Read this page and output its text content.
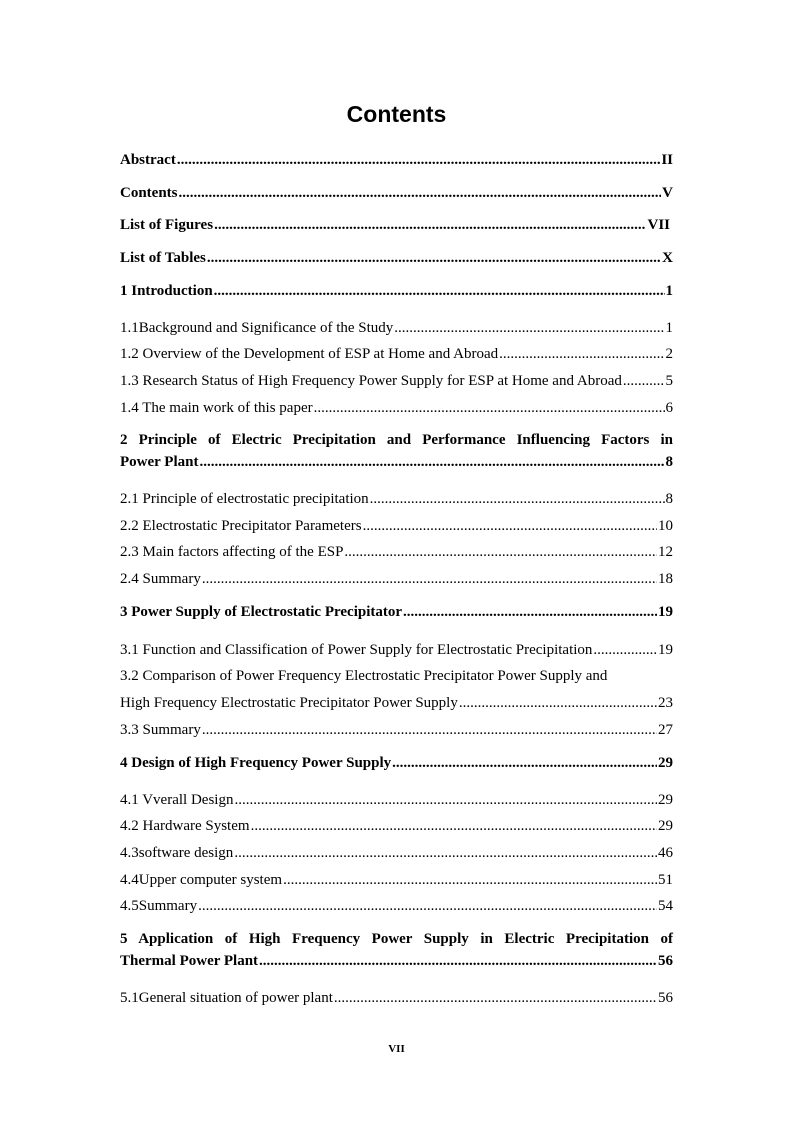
Contents
Abstract .....	II
Contents .....	V
List of Figures .....	VII
List of Tables .....	X
1 Introduction .....	1
1.1Background and Significance of the Study .....	1
1.2 Overview of the Development of ESP at Home and Abroad .....	2
1.3 Research Status of High Frequency Power Supply for ESP at Home and Abroad .....	5
1.4 The main work of this paper .....	6
2 Principle of Electric Precipitation and Performance Influencing Factors in
Power Plant .....	8
2.1 Principle of electrostatic precipitation .....	8
2.2 Electrostatic Precipitator Parameters .....	10
2.3 Main factors affecting of the ESP .....	12
2.4 Summary .....	18
3 Power Supply of Electrostatic Precipitator .....	19
3.1 Function and Classification of Power Supply for Electrostatic Precipitation .....	19
3.2 Comparison of Power Frequency Electrostatic Precipitator Power Supply and
High Frequency Electrostatic Precipitator Power Supply .....	23
3.3 Summary .....	27
4 Design of High Frequency Power Supply .....	29
4.1 Vverall Design .....	29
4.2 Hardware System .....	29
4.3software design .....	46
4.4Upper computer system .....	51
4.5Summary .....	54
5 Application of High Frequency Power Supply in Electric Precipitation of
Thermal Power Plant .....	56
5.1General situation of power plant .....	56
VII
